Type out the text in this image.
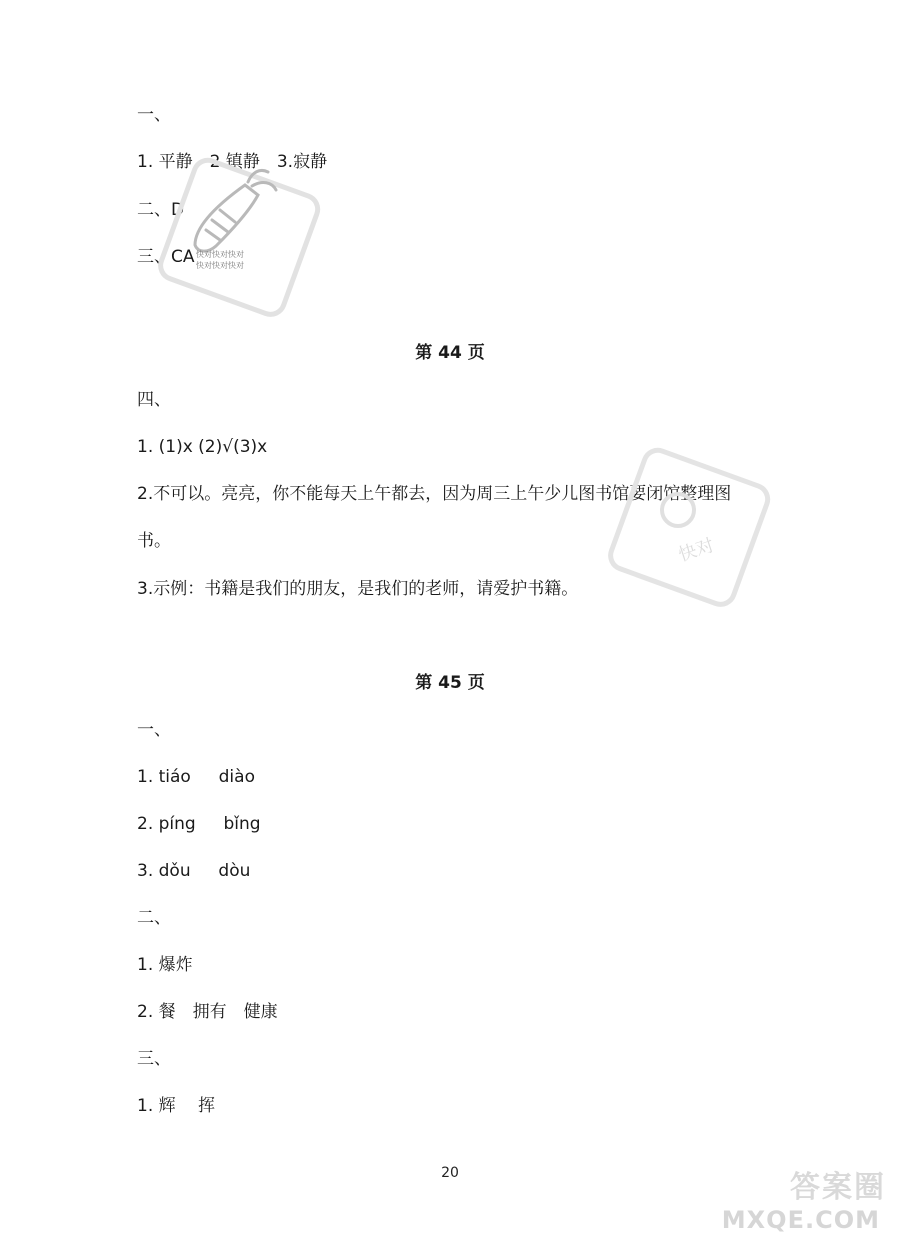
一、
1. 平静　2.镇静　3.寂静
二、D
三、CA 快对快对快对
快对快对快对
第 44 页
四、
1. (1)x (2)√(3)x
2.不可以。亮亮，你不能每天上午都去，因为周三上午少儿图书馆要闭馆整理图
书。
3.示例：书籍是我们的朋友，是我们的老师，请爱护书籍。
快对
第 45 页
一、
1. tiáo　  diào
2. píng　  bǐng
3. dǒu　  dòu
二、
1. 爆炸
2. 餐　拥有　健康
三、
1. 辉　 挥
20	答案圈
MXQE.COM
